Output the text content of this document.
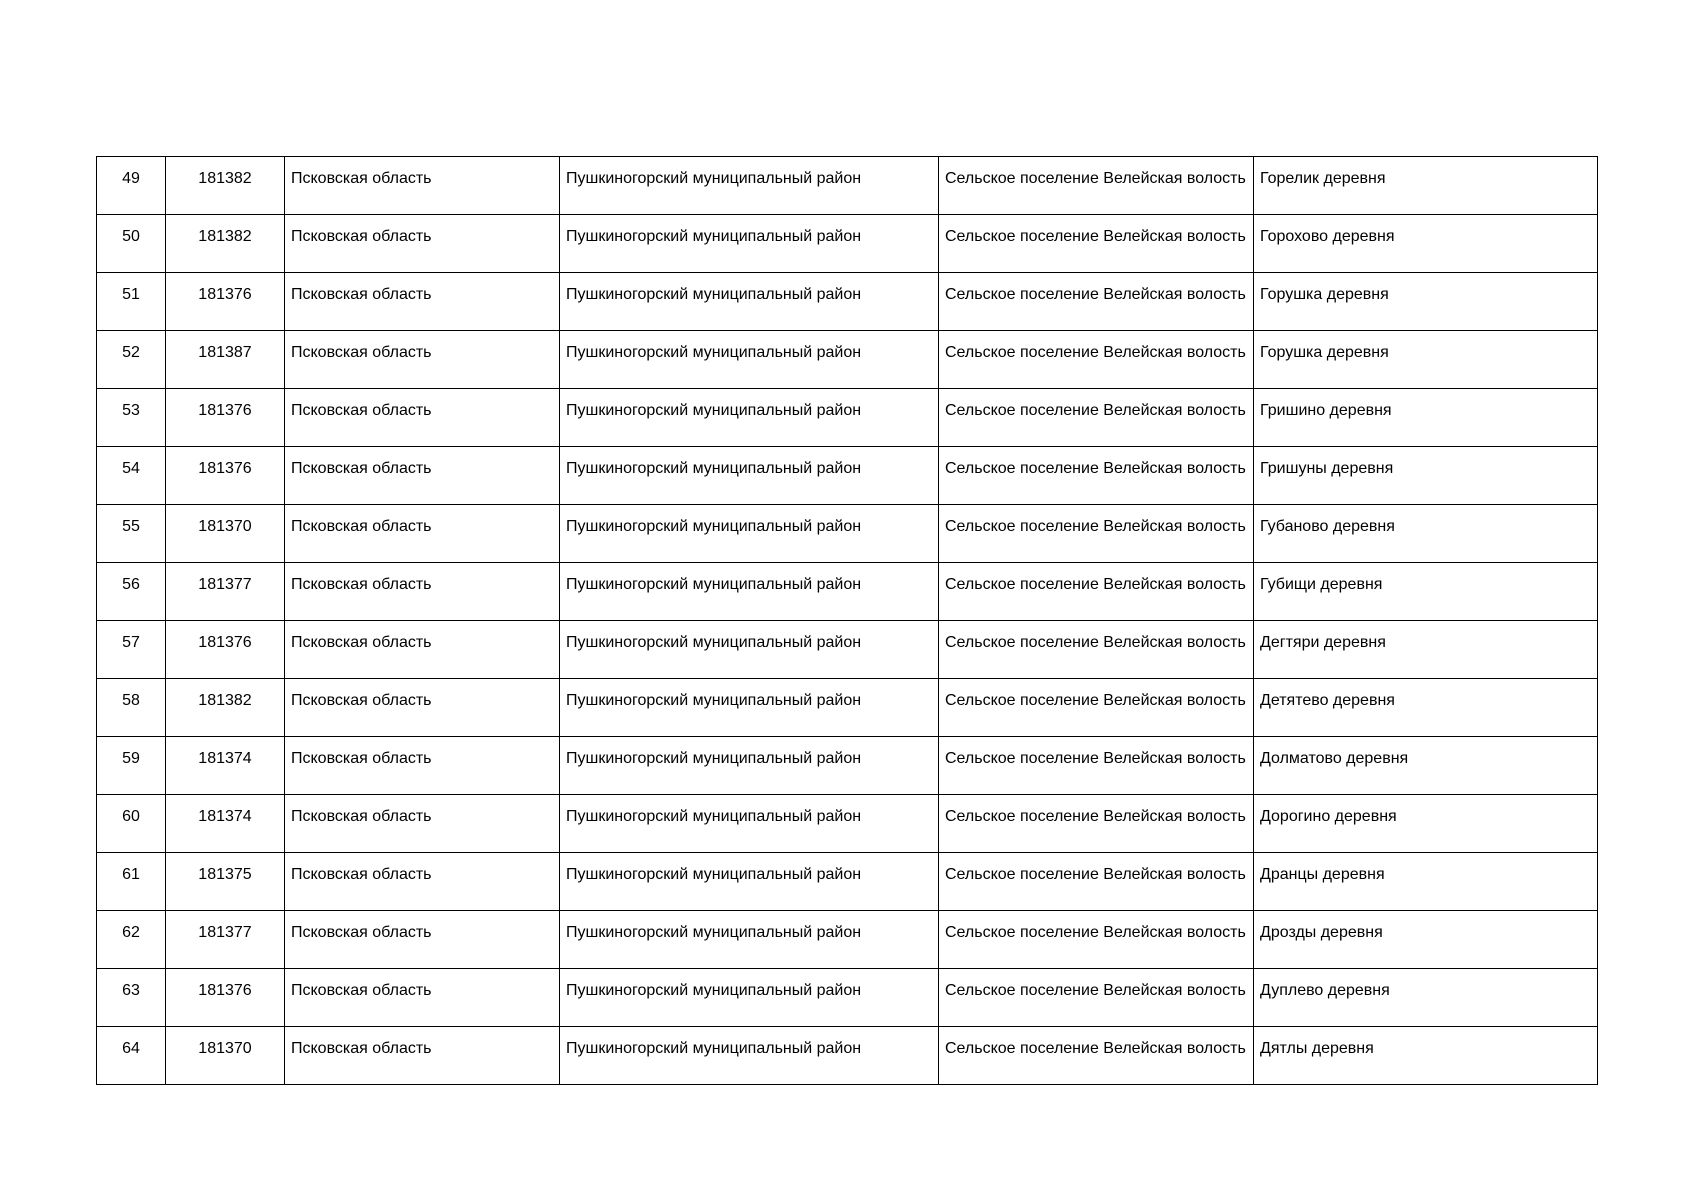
49	181382	Псковская область	Пушкиногорский муниципальный район	Сельское поселение Велейская волость	Горелик деревня
50	181382	Псковская область	Пушкиногорский муниципальный район	Сельское поселение Велейская волость	Горохово деревня
51	181376	Псковская область	Пушкиногорский муниципальный район	Сельское поселение Велейская волость	Горушка деревня
52	181387	Псковская область	Пушкиногорский муниципальный район	Сельское поселение Велейская волость	Горушка деревня
53	181376	Псковская область	Пушкиногорский муниципальный район	Сельское поселение Велейская волость	Гришино деревня
54	181376	Псковская область	Пушкиногорский муниципальный район	Сельское поселение Велейская волость	Гришуны деревня
55	181370	Псковская область	Пушкиногорский муниципальный район	Сельское поселение Велейская волость	Губаново деревня
56	181377	Псковская область	Пушкиногорский муниципальный район	Сельское поселение Велейская волость	Губищи деревня
57	181376	Псковская область	Пушкиногорский муниципальный район	Сельское поселение Велейская волость	Дегтяри деревня
58	181382	Псковская область	Пушкиногорский муниципальный район	Сельское поселение Велейская волость	Детятево деревня
59	181374	Псковская область	Пушкиногорский муниципальный район	Сельское поселение Велейская волость	Долматово деревня
60	181374	Псковская область	Пушкиногорский муниципальный район	Сельское поселение Велейская волость	Дорогино деревня
61	181375	Псковская область	Пушкиногорский муниципальный район	Сельское поселение Велейская волость	Дранцы деревня
62	181377	Псковская область	Пушкиногорский муниципальный район	Сельское поселение Велейская волость	Дрозды деревня
63	181376	Псковская область	Пушкиногорский муниципальный район	Сельское поселение Велейская волость	Дуплево деревня
64	181370	Псковская область	Пушкиногорский муниципальный район	Сельское поселение Велейская волость	Дятлы деревня
